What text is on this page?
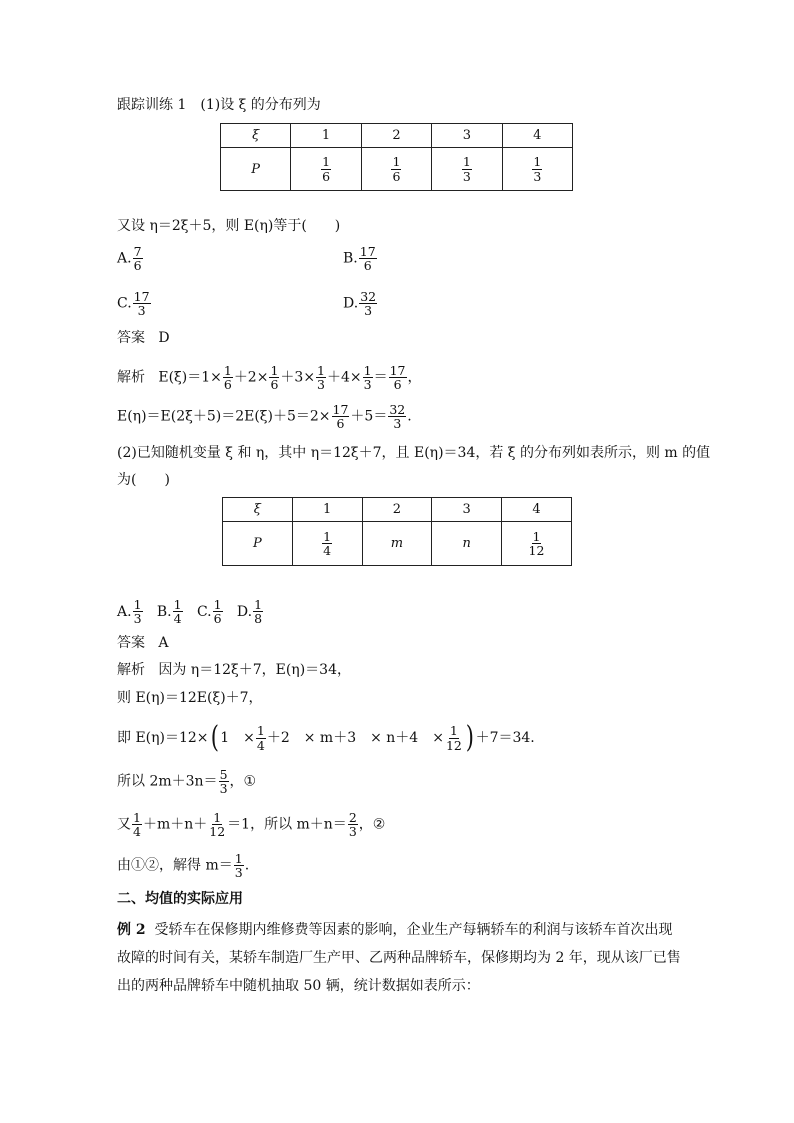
跟踪训练 1　(1)设 ξ 的分布列为
ξ	1	2	3	4
P	$\frac{1}{6}$	$\frac{1}{6}$	$\frac{1}{3}$	$\frac{1}{3}$
又设 η＝2ξ＋5，则 E(η)等于(　　)
A. $\frac{7}{6}$	B. $\frac{17}{6}$
C. $\frac{17}{3}$	D. $\frac{32}{3}$
答案 D
解析 $E(\xi)=1\times \frac{1}{6} +2\times \frac{1}{6} +3\times \frac{1}{3} +4\times \frac{1}{3} = \frac{17}{6}$ ，
$E(\eta)=E(2\xi+5)=2E(\xi)+5=2\times \frac{17}{6} +5= \frac{32}{3}$ .
(2)已知随机变量 ξ 和 η，其中 η＝12ξ＋7，且 E(η)＝34，若 ξ 的分布列如表所示，则 m 的值
为(　　)
ξ	1	2	3	4
P	$\frac{1}{4}$	m	n	$\frac{1}{12}$
A. $\frac{1}{3} B$. $\frac{1}{4} C$. $\frac{1}{6} D$. $\frac{1}{8}$
答案 A
解析 因为 η＝12ξ＋7，E(η)＝34，
则 E(η)＝12E(ξ)＋7，
即 E(η)＝12×( 1　× $\frac{1}{4} +2$　× m＋3　× n＋4　× $\frac{1}{12}$ ) ＋7＝34.
所以 $2m+3n= \frac{5}{3}$ ，①
又 $\frac{1}{4} +m+n+ \frac{1}{12} =1$，所以 $m+n= \frac{2}{3}$ ，②
由①②，解得 $m= \frac{1}{3}$ .
二、均值的实际应用
例 2 受轿车在保修期内维修费等因素的影响，企业生产每辆轿车的利润与该轿车首次出现
故障的时间有关，某轿车制造厂生产甲、乙两种品牌轿车，保修期均为 2 年，现从该厂已售
出的两种品牌轿车中随机抽取 50 辆，统计数据如表所示：
